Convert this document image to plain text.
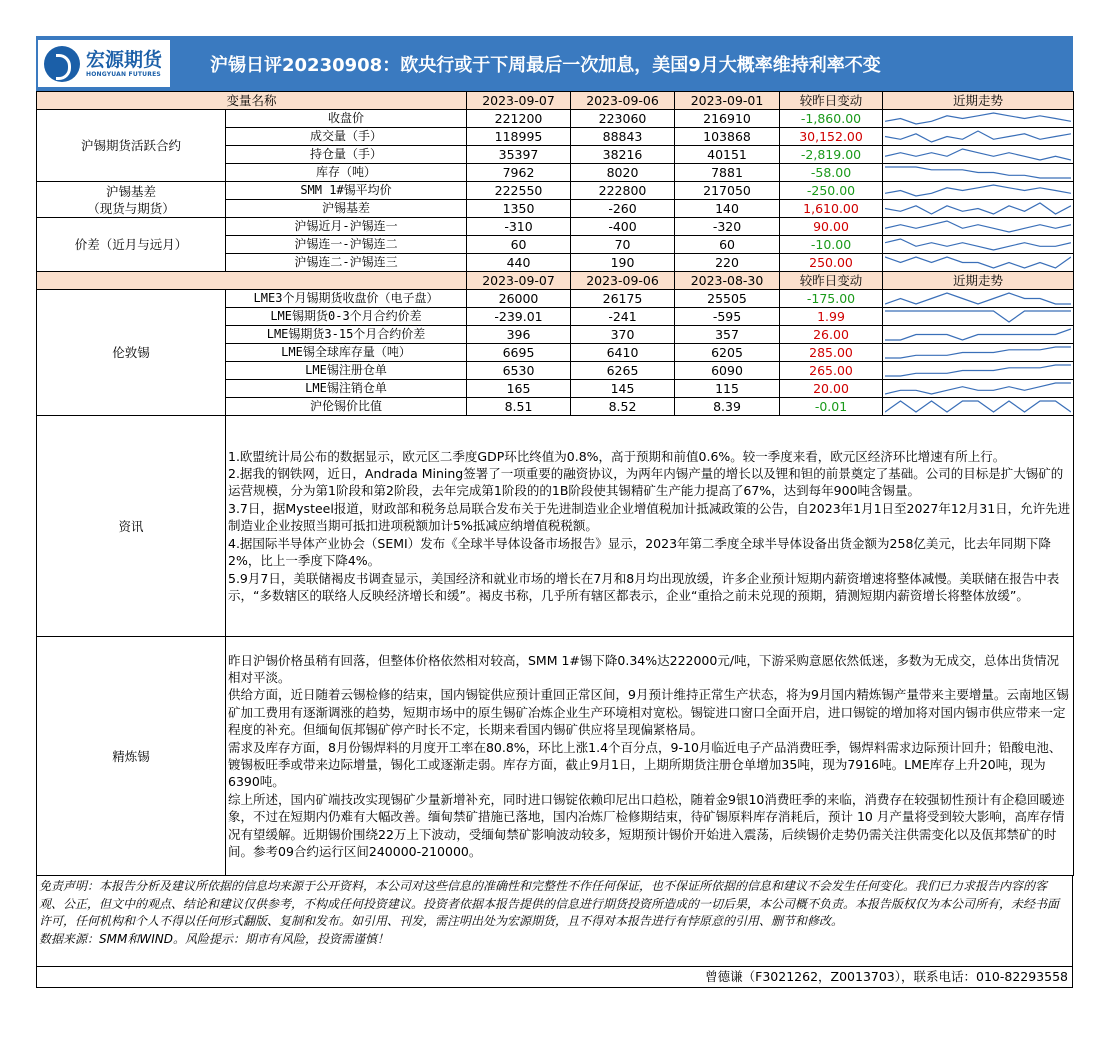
宏源期货
HONGYUAN FUTURES	沪锡日评20230908：欧央行或于下周最后一次加息，美国9月大概率维持利率不变
变量名称		2023-09-07	2023-09-06	2023-09-01	较昨日变动	近期走势

沪锡期货活跃合约	收盘价	221200	223060	216910	-1,860.00	

	成交量（手）	118995	88843	103868	30,152.00	

	持仓量（手）	35397	38216	40151	-2,819.00	

	库存（吨）	7962	8020	7881	-58.00	

沪锡基差
（现货与期货）	SMM 1#锡平均价	222550	222800	217050	-250.00	

	沪锡基差	1350	-260	140	1,610.00	

价差（近月与远月）	沪锡近月-沪锡连一	-310	-400	-320	90.00	

	沪锡连一-沪锡连二	60	70	60	-10.00	

	沪锡连二-沪锡连三	440	190	220	250.00	

		2023-09-07	2023-09-06	2023-08-30	较昨日变动	近期走势
伦敦锡	LME3个月锡期货收盘价（电子盘）	26000	26175	25505	-175.00	

	LME锡期货0-3个月合约价差	-239.01	-241	-595	1.99	

	LME锡期货3-15个月合约价差	396	370	357	26.00	

	LME锡全球库存量（吨）	6695	6410	6205	285.00	

	LME锡注册仓单	6530	6265	6090	265.00	

	LME锡注销仓单	165	145	115	20.00	

	沪伦锡价比值	8.51	8.52	8.39	-0.01	

资讯	1.欧盟统计局公布的数据显示，欧元区二季度GDP环比终值为0.8%，高于预期和前值0.6%。较一季度来看，欧元区经济环比增速有所上行。
2.据我的钢铁网，近日，Andrada Mining签署了一项重要的融资协议，为两年内锡产量的增长以及锂和钽的前景奠定了基础。公司的目标是扩大锡矿的运营规模，分为第1阶段和第2阶段，去年完成第1阶段的的1B阶段使其锡精矿生产能力提高了67%，达到每年900吨含锡量。
3.7日，据Mysteel报道，财政部和税务总局联合发布关于先进制造业企业增值税加计抵减政策的公告，自2023年1月1日至2027年12月31日，允许先进制造业企业按照当期可抵扣进项税额加计5%抵减应纳增值税税额。
4.据国际半导体产业协会（SEMI）发布《全球半导体设备市场报告》显示，2023年第二季度全球半导体设备出货金额为258亿美元，比去年同期下降2%，比上一季度下降4%。
5.9月7日，美联储褐皮书调查显示，美国经济和就业市场的增长在7月和8月均出现放缓，许多企业预计短期内薪资增速将整体减慢。美联储在报告中表示，“多数辖区的联络人反映经济增长和缓”。褐皮书称，几乎所有辖区都表示，企业“重拾之前未兑现的预期，猜测短期内薪资增长将整体放缓”。					

精炼锡	昨日沪锡价格虽稍有回落，但整体价格依然相对较高，SMM 1#锡下降0.34%达222000元/吨，下游采购意愿依然低迷，多数为无成交，总体出货情况相对平淡。
供给方面，近日随着云锡检修的结束，国内锡锭供应预计重回正常区间，9月预计维持正常生产状态，将为9月国内精炼锡产量带来主要增量。云南地区锡矿加工费用有逐渐调涨的趋势，短期市场中的原生锡矿冶炼企业生产环境相对宽松。锡锭进口窗口全面开启，进口锡锭的增加将对国内锡市供应带来一定程度的补充。但缅甸佤邦锡矿停产时长不定，长期来看国内锡矿供应将呈现偏紧格局。
需求及库存方面，8月份锡焊料的月度开工率在80.8%，环比上涨1.4个百分点，9-10月临近电子产品消费旺季，锡焊料需求边际预计回升；铅酸电池、镀锡板旺季或带来边际增量，锡化工或逐渐走弱。库存方面，截止9月1日，上期所期货注册仓单增加35吨，现为7916吨。LME库存上升20吨，现为6390吨。
综上所述，国内矿端技改实现锡矿少量新增补充，同时进口锡锭依赖印尼出口趋松，随着金9银10消费旺季的来临，消费存在较强韧性预计有企稳回暖迹象，不过在短期内仍难有大幅改善。缅甸禁矿措施已落地，国内冶炼厂检修期结束，待矿锡原料库存消耗后，预计 10 月产量将受到较大影响，高库存情况有望缓解。近期锡价围绕22万上下波动，受缅甸禁矿影响波动较多，短期预计锡价开始进入震荡，后续锡价走势仍需关注供需变化以及佤邦禁矿的时间。参考09合约运行区间240000-210000。					
免责声明：本报告分析及建议所依据的信息均来源于公开资料，本公司对这些信息的准确性和完整性不作任何保证，也不保证所依据的信息和建议不会发生任何变化。我们已力求报告内容的客观、公正，但文中的观点、结论和建议仅供参考，不构成任何投资建议。投资者依据本报告提供的信息进行期货投资所造成的一切后果，本公司概不负责。本报告版权仅为本公司所有，未经书面许可，任何机构和个人不得以任何形式翻版、复制和发布。如引用、刊发，需注明出处为宏源期货，且不得对本报告进行有悖原意的引用、删节和修改。
数据来源：SMM和WIND。风险提示：期市有风险，投资需谨慎！
曾德谦（F3021262，Z0013703），联系电话：010-82293558
